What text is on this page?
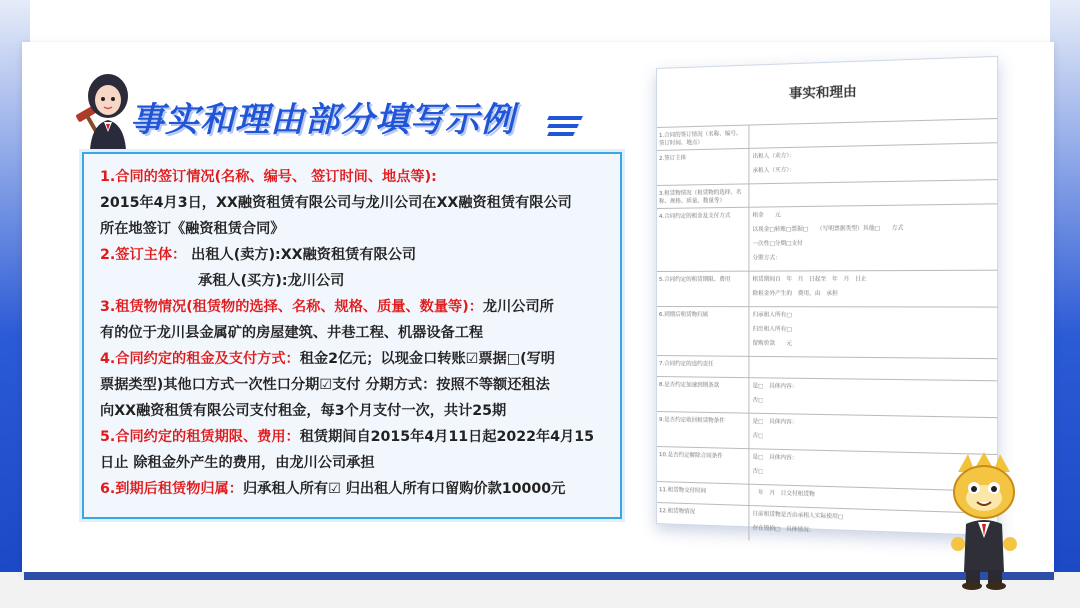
事实和理由部分填写示例
1.合同的签订情况(名称、编号、 签订时间、地点等):
2015年4月3日，XX融资租赁有限公司与龙川公司在XX融资租赁有限公司
所在地签订《融资租赁合同》
2.签订主体： 出租人(卖方):XX融资租赁有限公司
承租人(买方):龙川公司
3.租赁物情况(租赁物的选择、名称、规格、质量、数量等)：龙川公司所
有的位于龙川县金属矿的房屋建筑、井巷工程、机器设备工程
4.合同约定的租金及支付方式：租金2亿元；以现金口转账☑票据□(写明
票据类型)其他口方式一次性口分期☑支付 分期方式：按照不等额还租法
向XX融资租赁有限公司支付租金，每3个月支付一次，共计25期
5.合同约定的租赁期限、费用：租赁期间自2015年4月11日起2022年4月15
日止 除租金外产生的费用，由龙川公司承担
6.到期后租赁物归属：归承租人所有☑ 归出租人所有口留购价款10000元
事实和理由
1.合同的签订情况（名称、编号、签订时间、地点）
2.签订主体	出租人（卖方）：
承租人（买方）：
3.租赁物情况（租赁物的选择、名称、规格、质量、数量等）
4.合同约定的租金及支付方式	租金　　元
以现金□转账□票据□　　（写明票据类型）其他□　　方式
一次性□分期□支付
分期方式：
5.合同约定的租赁期限、费用	租赁期间自　年　月　日起至　年　月　日止
除租金外产生的　费用，由　承担
6.到期后租赁物归属	归承租人所有□
归出租人所有□
留购价款　　元
7.合同约定的违约责任
8.是否约定加速到期条款	是□　具体内容：
否□
9.是否约定收回租赁物条件	是□　具体内容：
否□
10.是否约定解除合同条件	是□　具体内容：
否□
11.租赁物交付时间	　年　月　日交付租赁物
12.租赁物情况	目前租赁物是否由承租人实际使用□
存在毁损□　具体情况：
